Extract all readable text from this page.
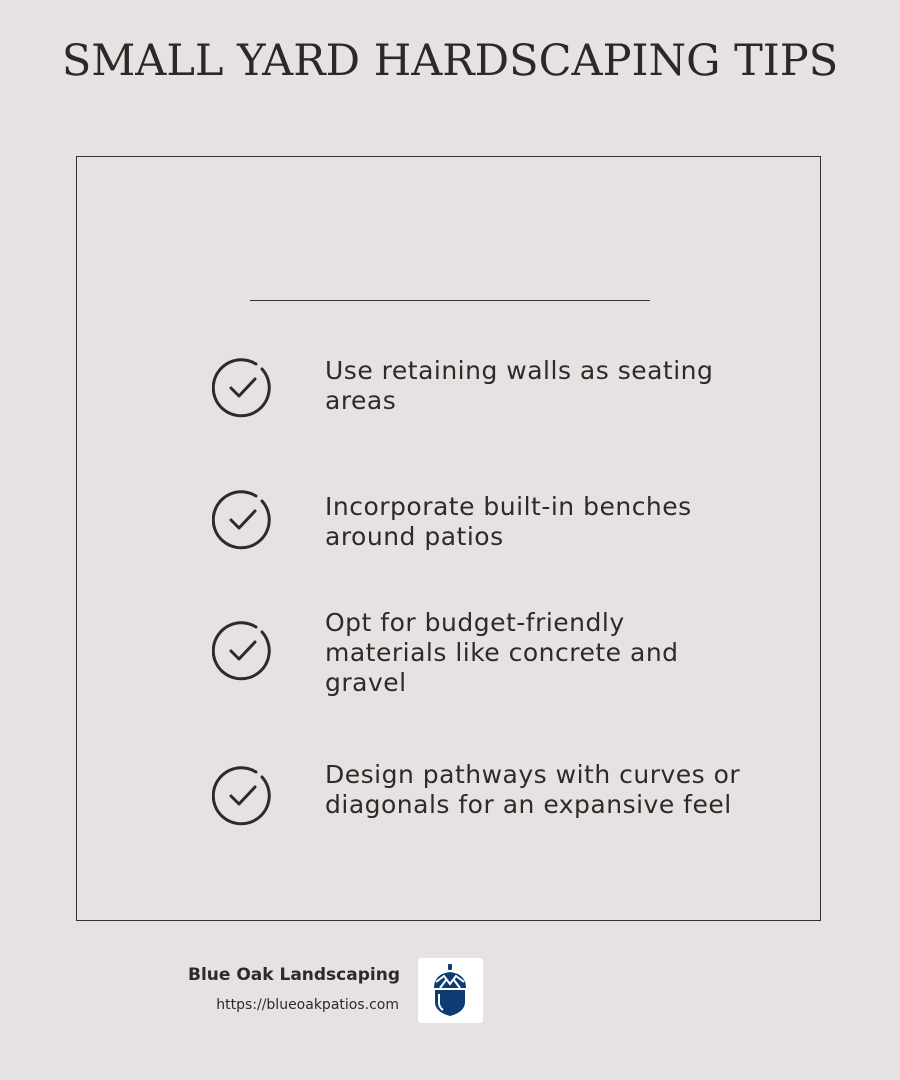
SMALL YARD HARDSCAPING TIPS
Use retaining walls as seating areas
Incorporate built-in benches around patios
Opt for budget-friendly materials like concrete and gravel
Design pathways with curves or diagonals for an expansive feel
Blue Oak Landscaping
https://blueoakpatios.com
